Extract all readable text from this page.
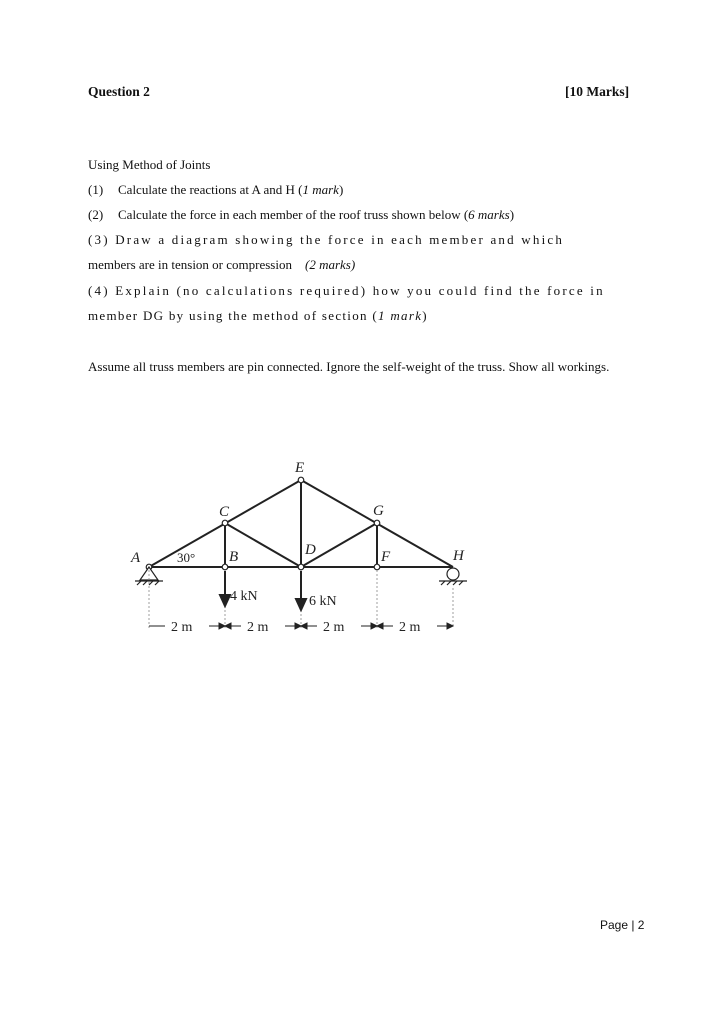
Question 2	[10 Marks]
Using Method of Joints
(1) Calculate the reactions at A and H (1 mark)
(2) Calculate the force in each member of the roof truss shown below (6 marks)
(3) Draw a diagram showing the force in each member and which
members are in tension or compression (2 marks)
(4) Explain (no calculations required) how you could find the force in
member DG by using the method of section (1 mark)
Assume all truss members are pin connected. Ignore the self-weight of the truss. Show all workings.
A	B
C
D
E
F
G
H
30°
4 kN	6 kN
2 m	2 m	2 m	2 m
Page | 2
